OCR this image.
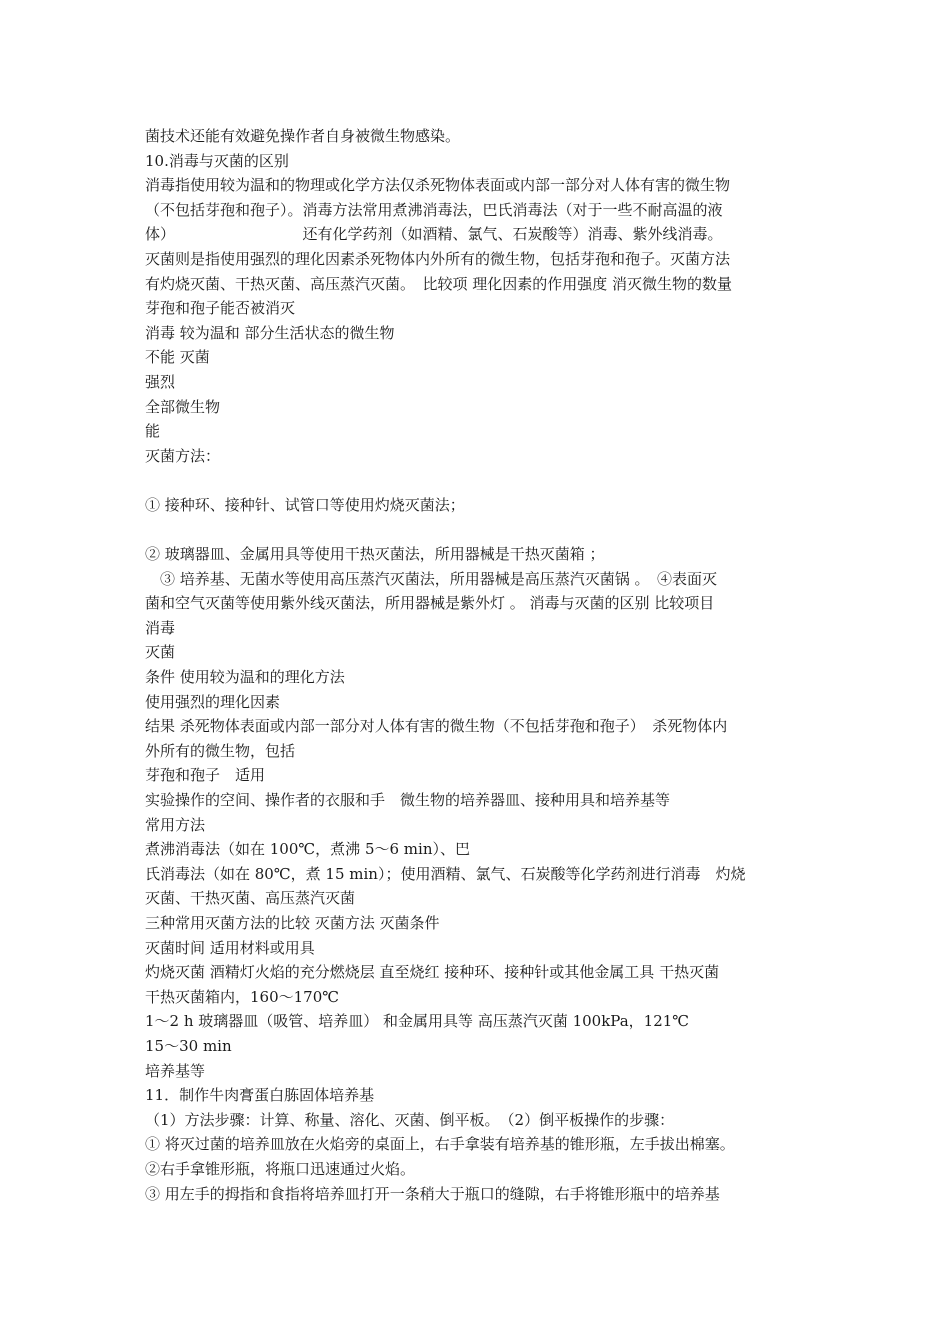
菌技术还能有效避免操作者自身被微生物感染。
10.消毒与灭菌的区别
消毒指使用较为温和的物理或化学方法仅杀死物体表面或内部一部分对人体有害的微生物
（不包括芽孢和孢子）。消毒方法常用煮沸消毒法，巴氏消毒法（对于一些不耐高温的液
体）　　　　　　　　　还有化学药剂（如酒精、氯气、石炭酸等）消毒、紫外线消毒。
灭菌则是指使用强烈的理化因素杀死物体内外所有的微生物，包括芽孢和孢子。灭菌方法
有灼烧灭菌、干热灭菌、高压蒸汽灭菌。　比较项 理化因素的作用强度 消灭微生物的数量
芽孢和孢子能否被消灭
消毒 较为温和 部分生活状态的微生物
不能 灭菌
强烈
全部微生物
能
灭菌方法：
① 接种环、接种针、试管口等使用灼烧灭菌法；
② 玻璃器皿、金属用具等使用干热灭菌法，所用器械是干热灭菌箱 ；
　③ 培养基、无菌水等使用高压蒸汽灭菌法，所用器械是高压蒸汽灭菌锅 。　④表面灭
菌和空气灭菌等使用紫外线灭菌法，所用器械是紫外灯 。 消毒与灭菌的区别 比较项目
消毒
灭菌
条件 使用较为温和的理化方法
使用强烈的理化因素
结果 杀死物体表面或内部一部分对人体有害的微生物（不包括芽孢和孢子）　杀死物体内
外所有的微生物，包括
芽孢和孢子　适用
实验操作的空间、操作者的衣服和手　微生物的培养器皿、接种用具和培养基等
常用方法
煮沸消毒法（如在 100℃，煮沸 5～6 min）、巴
氏消毒法（如在 80℃，煮 15 min）；使用酒精、氯气、石炭酸等化学药剂进行消毒　灼烧
灭菌、干热灭菌、高压蒸汽灭菌
三种常用灭菌方法的比较 灭菌方法 灭菌条件
灭菌时间 适用材料或用具
灼烧灭菌 酒精灯火焰的充分燃烧层 直至烧红 接种环、接种针或其他金属工具 干热灭菌
干热灭菌箱内，160～170℃
1～2 h 玻璃器皿（吸管、培养皿） 和金属用具等 高压蒸汽灭菌 100kPa，121℃
15～30 min
培养基等
11．制作牛肉膏蛋白胨固体培养基
（1）方法步骤：计算、称量、溶化、灭菌、倒平板。　（2）倒平板操作的步骤：
① 将灭过菌的培养皿放在火焰旁的桌面上，右手拿装有培养基的锥形瓶，左手拔出棉塞。
②右手拿锥形瓶，将瓶口迅速通过火焰。
③ 用左手的拇指和食指将培养皿打开一条稍大于瓶口的缝隙，右手将锥形瓶中的培养基
